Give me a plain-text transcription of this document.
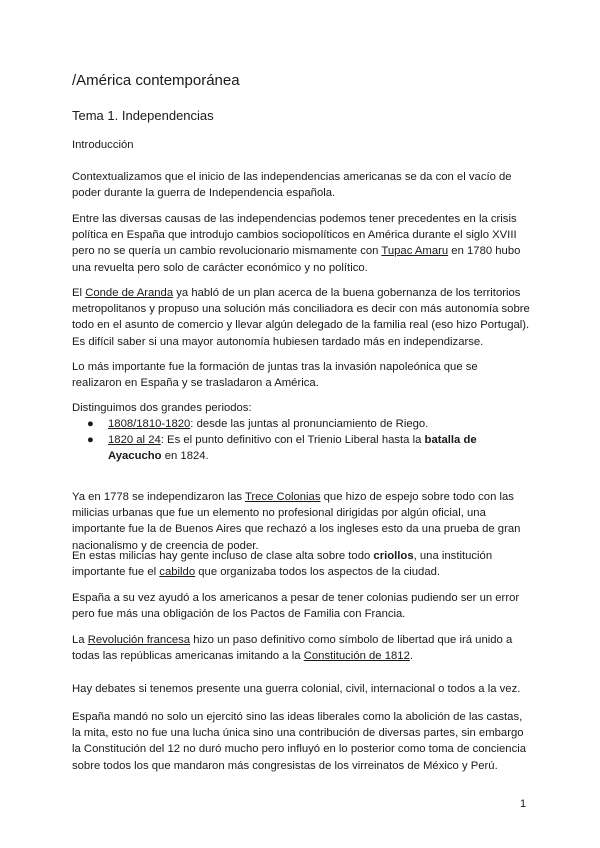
/América contemporánea
Tema 1. Independencias
Introducción

Contextualizamos que el inicio de las independencias americanas se da con el vacío de poder durante la guerra de Independencia española.

Entre las diversas causas de las independencias podemos tener precedentes en la crisis política en España que introdujo cambios sociopolíticos en América durante el siglo XVIII pero no se quería un cambio revolucionario mismamente con Tupac Amaru en 1780 hubo una revuelta pero solo de carácter económico y no político.

El Conde de Aranda ya habló de un plan acerca de la buena gobernanza de los territorios metropolitanos y propuso una solución más conciliadora es decir con más autonomía sobre todo en el asunto de comercio y llevar algún delegado de la familia real (eso hizo Portugal). Es difícil saber si una mayor autonomía hubiesen tardado más en independizarse.

Lo más importante fue la formación de juntas tras la invasión napoleónica que se realizaron en España y se trasladaron a América.

Distinguimos dos grandes periodos:

● 1808/1810-1820: desde las juntas al pronunciamiento de Riego.
● 1820 al 24: Es el punto definitivo con el Trienio Liberal hasta la batalla de Ayacucho en 1824.

Ya en 1778 se independizaron las Trece Colonias que hizo de espejo sobre todo con las milicias urbanas que fue un elemento no profesional dirigidas por algún oficial, una importante fue la de Buenos Aires que rechazó a los ingleses esto da una prueba de gran nacionalismo y de creencia de poder.

En estas milicias hay gente incluso de clase alta sobre todo criollos, una institución importante fue el cabildo que organizaba todos los aspectos de la ciudad.

España a su vez ayudó a los americanos a pesar de tener colonias pudiendo ser un error pero fue más una obligación de los Pactos de Familia con Francia.

La Revolución francesa hizo un paso definitivo como símbolo de libertad que irá unido a todas las repúblicas americanas imitando a la Constitución de 1812.

Hay debates si tenemos presente una guerra colonial, civil, internacional o todos a la vez.

España mandó no solo un ejercitó sino las ideas liberales como la abolición de las castas, la mita, esto no fue una lucha única sino una contribución de diversas partes, sin embargo la Constitución del 12 no duró mucho pero influyó en lo posterior como toma de conciencia sobre todos los que mandaron más congresistas de los virreinatos de México y Perú.

1
